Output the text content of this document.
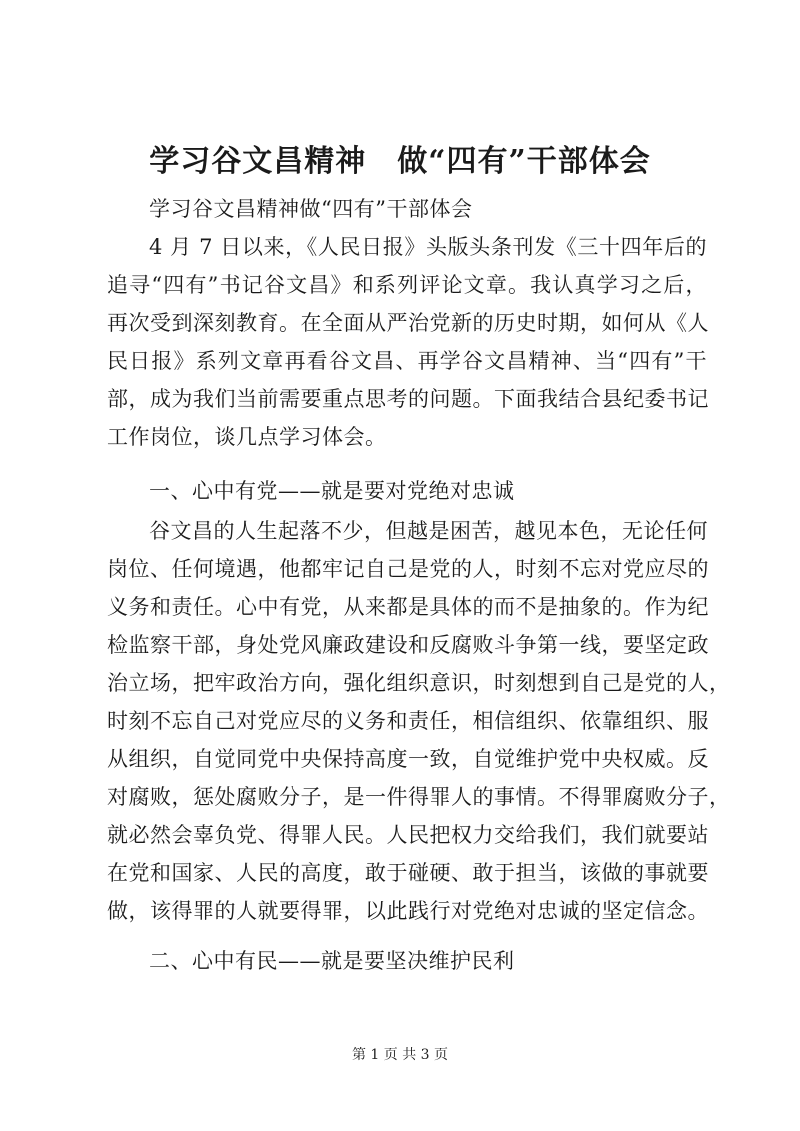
学习谷文昌精神　做“四有”干部体会
学习谷文昌精神做“四有”干部体会
4 月 7 日以来，《人民日报》头版头条刊发《三十四年后的
追寻“四有”书记谷文昌》和系列评论文章。我认真学习之后，
再次受到深刻教育。在全面从严治党新的历史时期，如何从《人
民日报》系列文章再看谷文昌、再学谷文昌精神、当“四有”干
部，成为我们当前需要重点思考的问题。下面我结合县纪委书记
工作岗位，谈几点学习体会。
一、心中有党——就是要对党绝对忠诚
谷文昌的人生起落不少，但越是困苦，越见本色，无论任何
岗位、任何境遇，他都牢记自己是党的人，时刻不忘对党应尽的
义务和责任。心中有党，从来都是具体的而不是抽象的。作为纪
检监察干部，身处党风廉政建设和反腐败斗争第一线，要坚定政
治立场，把牢政治方向，强化组织意识，时刻想到自己是党的人，
时刻不忘自己对党应尽的义务和责任，相信组织、依靠组织、服
从组织，自觉同党中央保持高度一致，自觉维护党中央权威。反
对腐败，惩处腐败分子，是一件得罪人的事情。不得罪腐败分子，
就必然会辜负党、得罪人民。人民把权力交给我们，我们就要站
在党和国家、人民的高度，敢于碰硬、敢于担当，该做的事就要
做，该得罪的人就要得罪，以此践行对党绝对忠诚的坚定信念。
二、心中有民——就是要坚决维护民利
第 1 页 共 3 页
